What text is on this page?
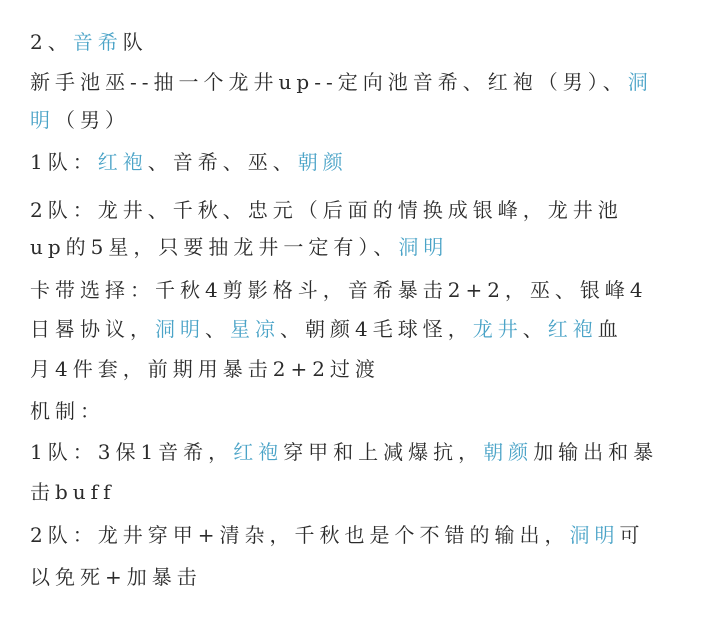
2、音希队
新手池巫--抽一个龙井up--定向池音希、红袍（男）、洞
明（男）
1队：红袍、音希、巫、朝颜
2队：龙井、千秋、忠元（后面的情换成银峰，龙井池
up的5星，只要抽龙井一定有）、洞明
卡带选择：千秋4剪影格斗，音希暴击2+2，巫、银峰4
日晷协议，洞明、星凉、朝颜4毛球怪，龙井、红袍血
月4件套，前期用暴击2+2过渡
机制：
1队：3保1音希，红袍穿甲和上减爆抗，朝颜加输出和暴
击buff
2队：龙井穿甲+清杂，千秋也是个不错的输出，洞明可
以免死+加暴击
